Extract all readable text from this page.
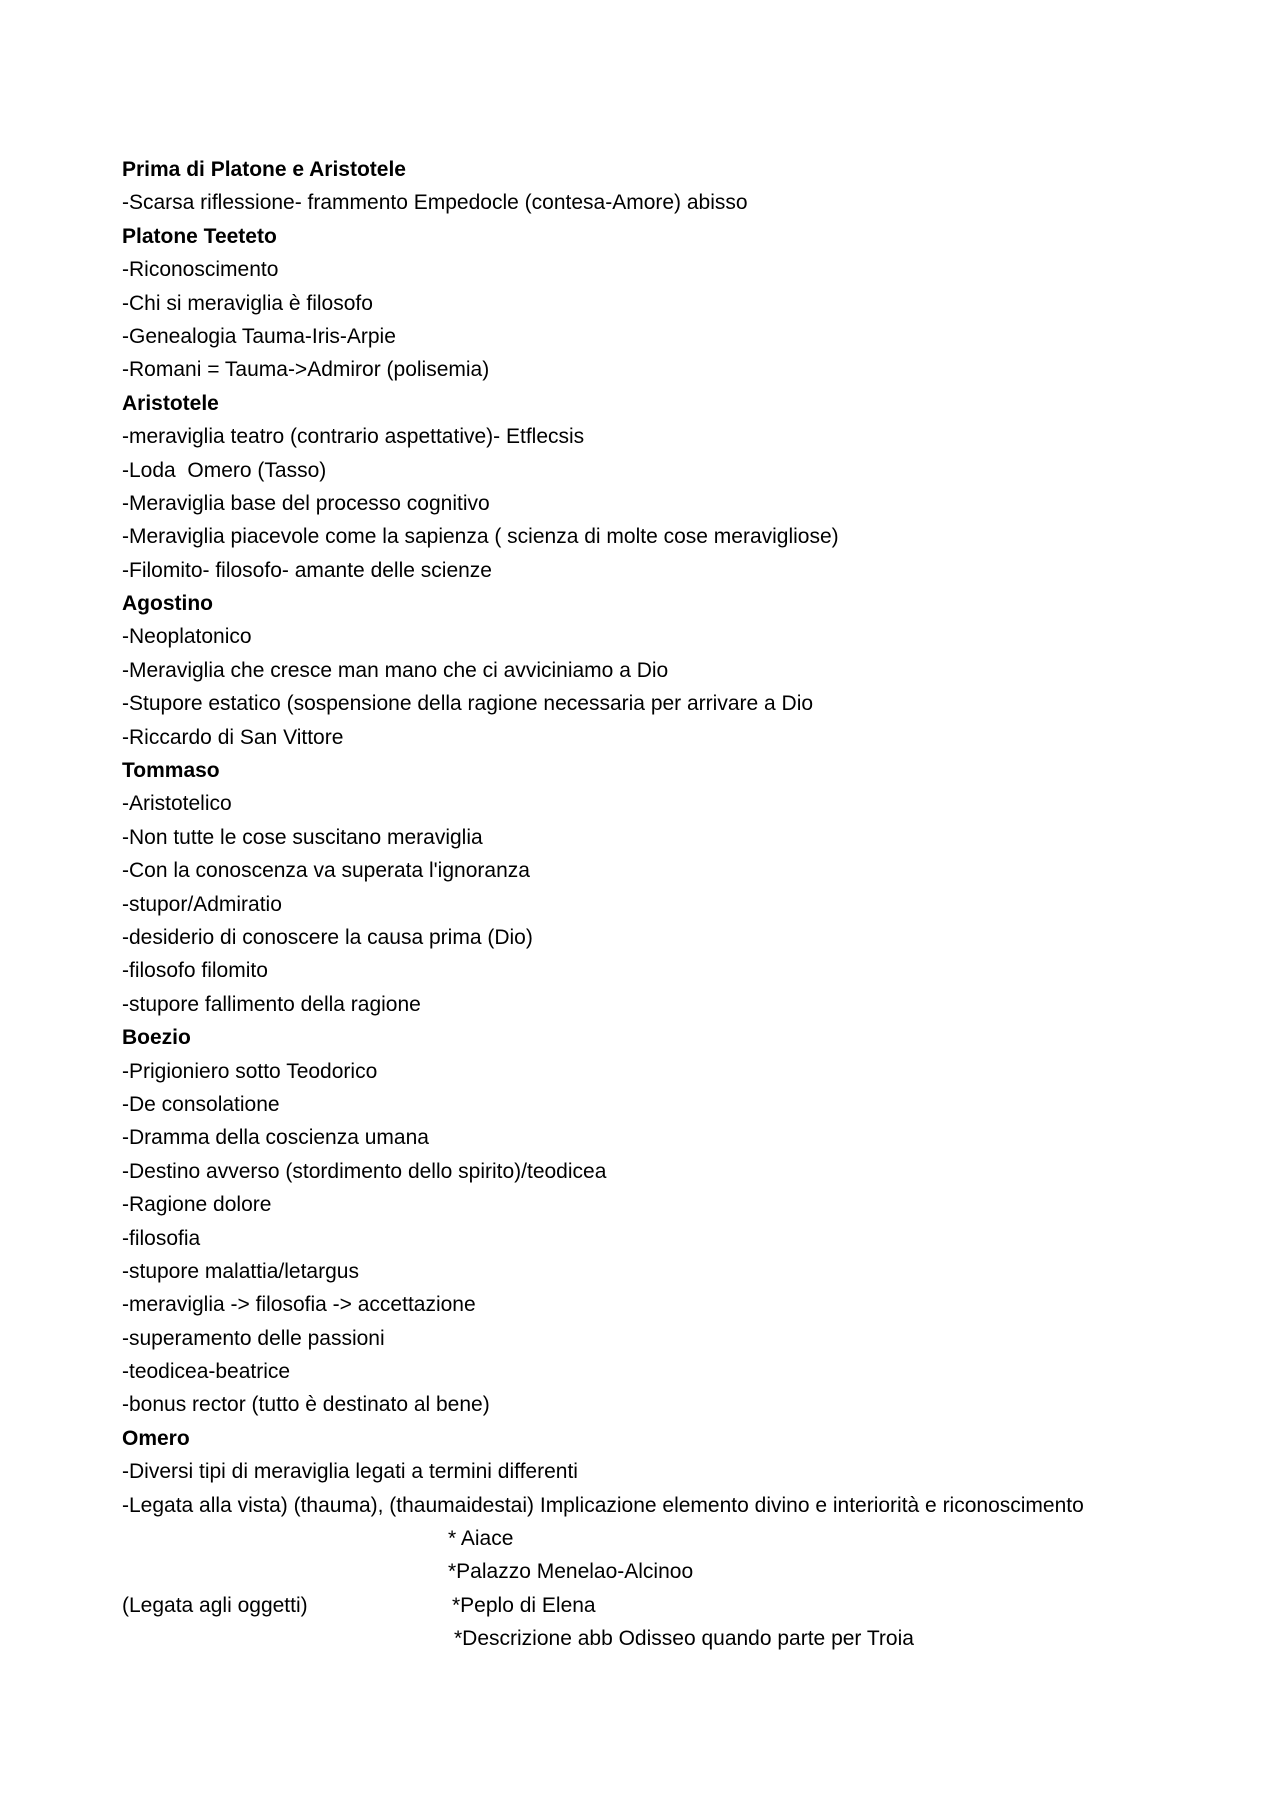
Prima di Platone e Aristotele
-Scarsa riflessione- frammento Empedocle (contesa-Amore) abisso
Platone Teeteto
-Riconoscimento
-Chi si meraviglia è filosofo
-Genealogia Tauma-Iris-Arpie
-Romani = Tauma->Admiror (polisemia)
Aristotele
-meraviglia teatro (contrario aspettative)- Etflecsis
-Loda  Omero (Tasso)
-Meraviglia base del processo cognitivo
-Meraviglia piacevole come la sapienza ( scienza di molte cose meravigliose)
-Filomito- filosofo- amante delle scienze
Agostino
-Neoplatonico
-Meraviglia che cresce man mano che ci avviciniamo a Dio
-Stupore estatico (sospensione della ragione necessaria per arrivare a Dio
-Riccardo di San Vittore
Tommaso
-Aristotelico
-Non tutte le cose suscitano meraviglia
-Con la conoscenza va superata l'ignoranza
-stupor/Admiratio
-desiderio di conoscere la causa prima (Dio)
-filosofo filomito
-stupore fallimento della ragione
Boezio
-Prigioniero sotto Teodorico
-De consolatione
-Dramma della coscienza umana
-Destino avverso (stordimento dello spirito)/teodicea
-Ragione dolore
-filosofia
-stupore malattia/letargus
-meraviglia -> filosofia -> accettazione
-superamento delle passioni
-teodicea-beatrice
-bonus rector (tutto è destinato al bene)
Omero
-Diversi tipi di meraviglia legati a termini differenti
-Legata alla vista) (thauma), (thaumaidestai) Implicazione elemento divino e interiorità e riconoscimento

* Aiace

*Palazzo Menelao-Alcinoo

(Legata agli oggetti)

	*Peplo di Elena

*Descrizione abb Odisseo quando parte per Troia
